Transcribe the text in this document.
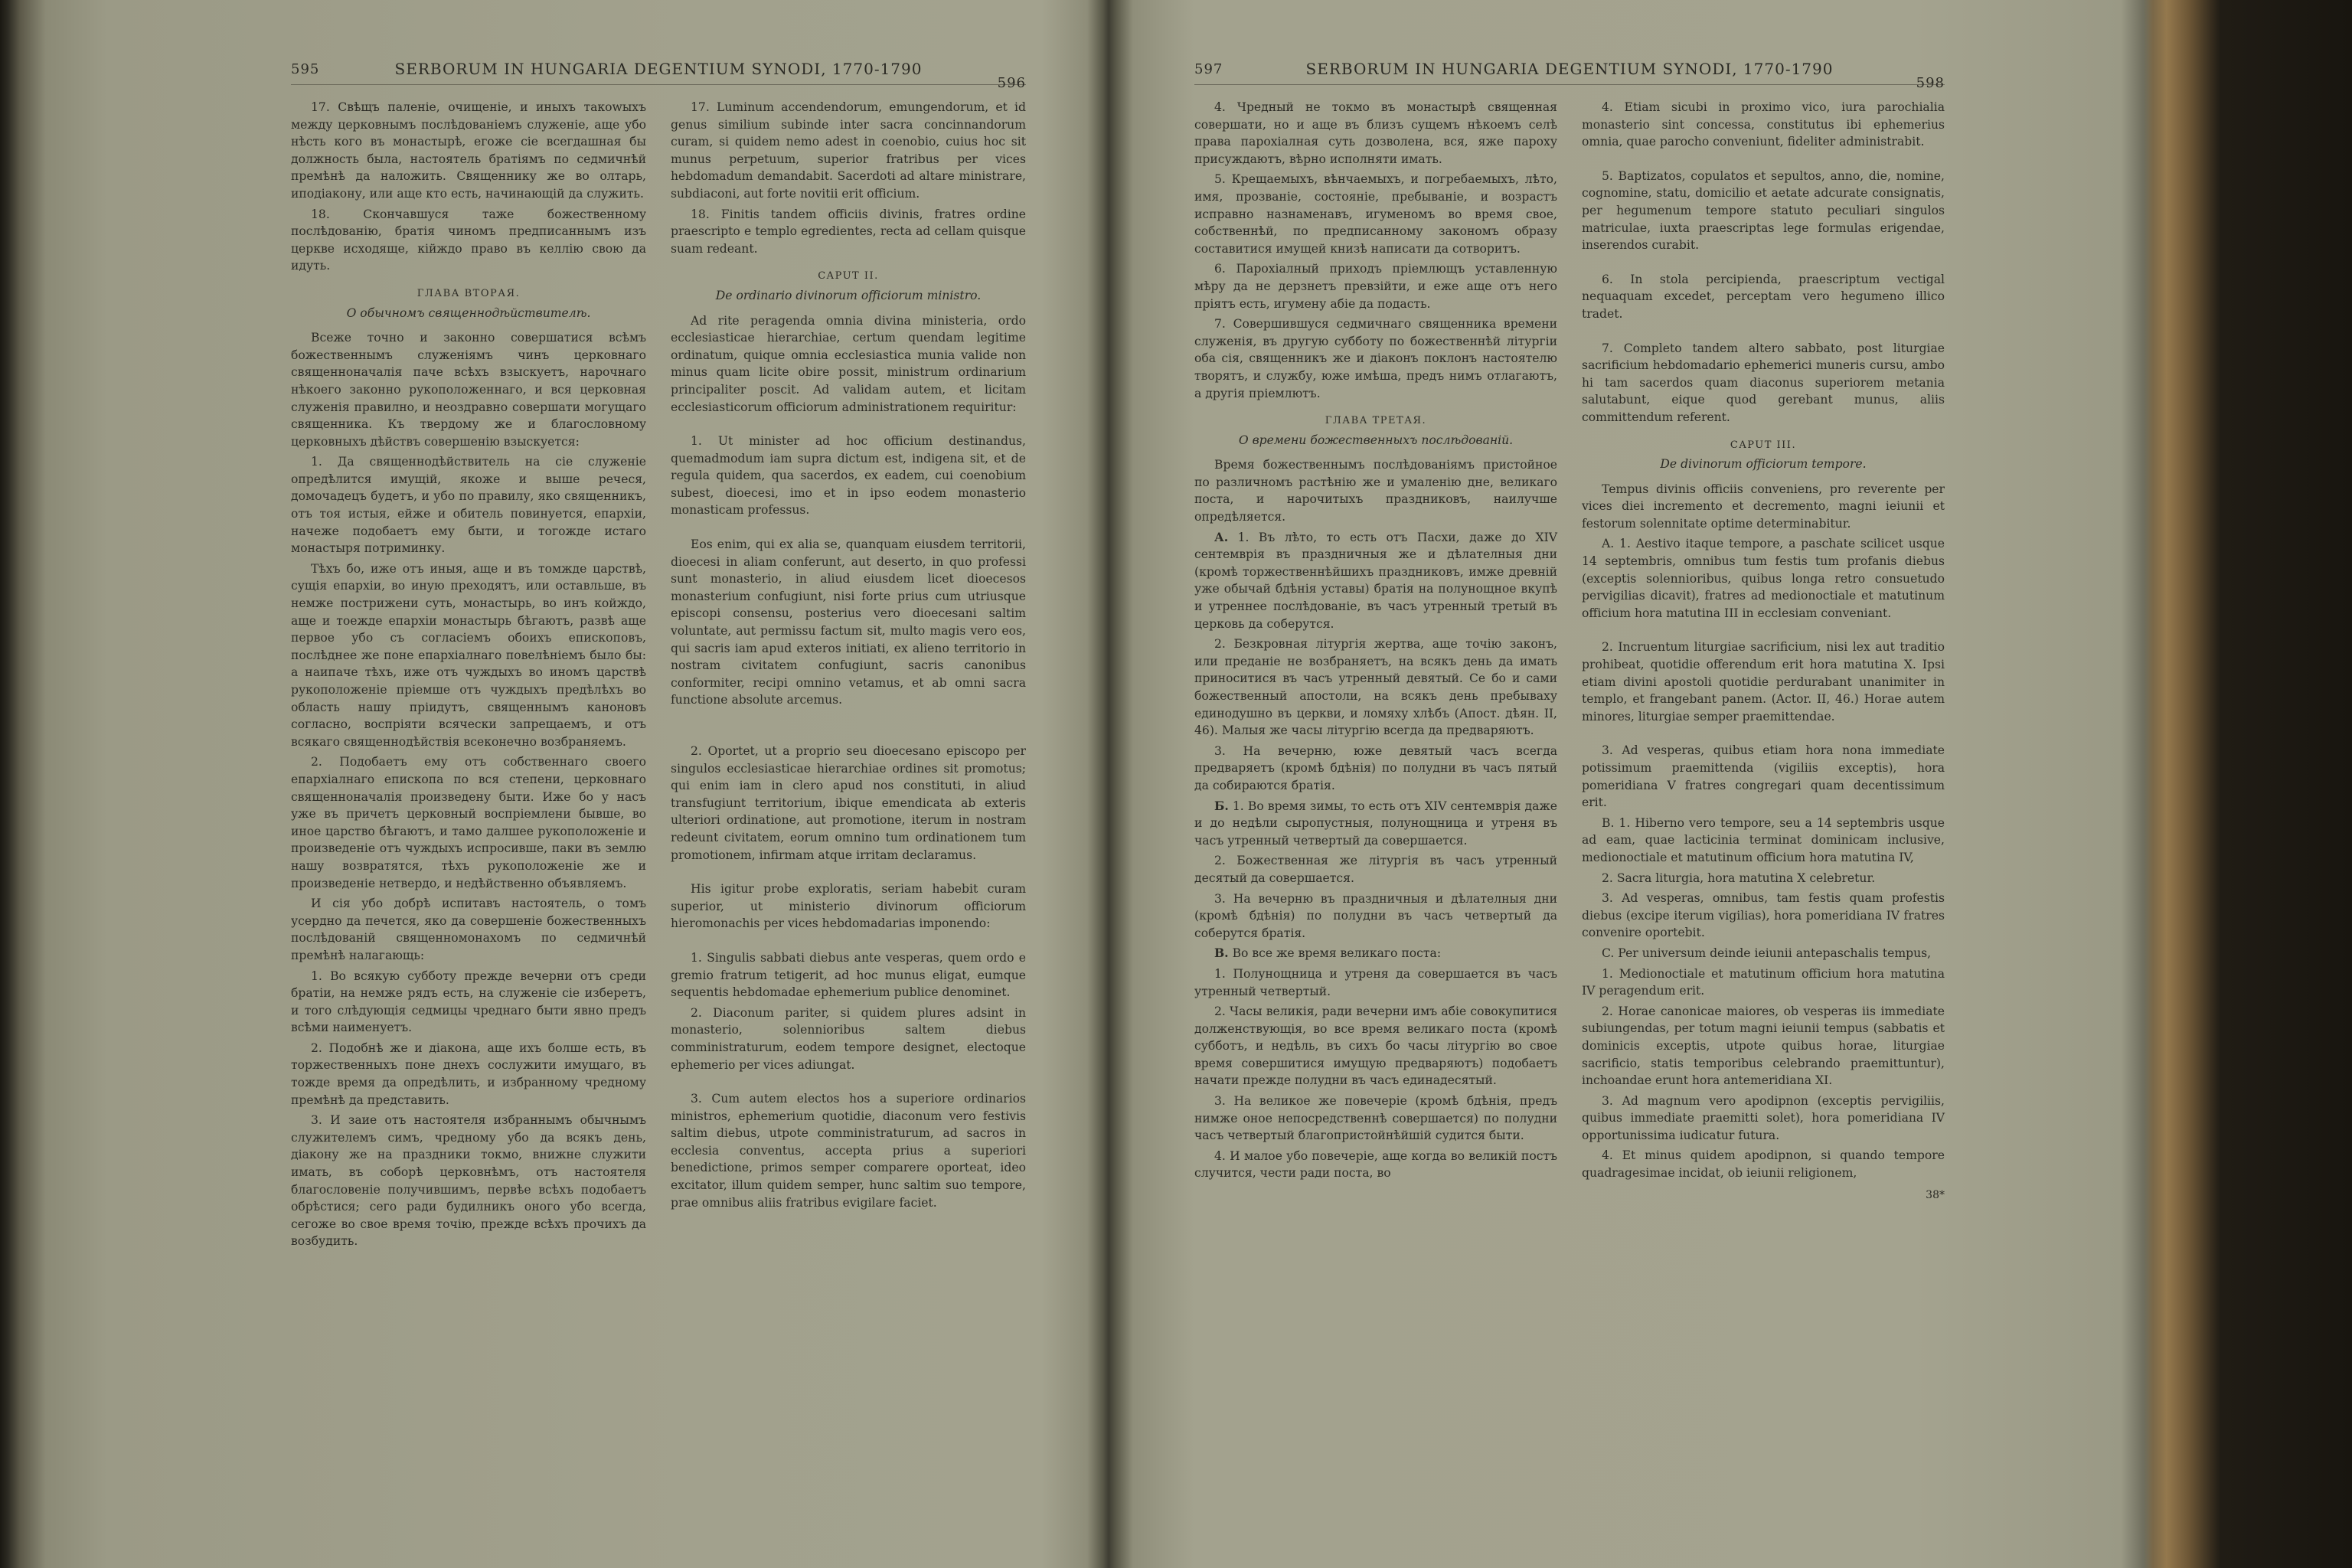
595	SERBORUM IN HUNGARIA DEGENTIUM SYNODI, 1770-1790
596

17. Свѣщъ паленіе, очищеніе, и иныхъ такowыхъ между церковнымъ послѣдованіемъ служеніе, аще убо нѣсть кого въ монастырѣ, егоже сіе всегдашная бы должность была, настоятель братіямъ по седмичнѣй премѣнѣ да наложить. Священнику же во олтарь, иподіакону, или аще кто есть, начинающій да служить.

18. Скончавшуся таже божественному послѣдованію, братія чиномъ предписаннымъ изъ церкве исходяще, кійждо право въ келлію свою да идуть.

ГЛАВА ВТОРАЯ.

О обычномъ священнодѣйствителѣ.

Всеже точно и законно совершатися всѣмъ божественнымъ служеніямъ чинъ церковнаго священноначалія паче всѣхъ взыскуетъ, нарочнаго нѣкоего законно рукоположеннаго, и вся церковная служенія правилно, и неоздравно совершати могущаго священника. Къ твердому же и благословному церковныхъ дѣйствъ совершенію взыскуется:

1. Да священнодѣйствитель на сіе служеніе опредѣлится имущій, якоже и выше речеся, домочадецъ будетъ, и убо по правилу, яко священникъ, отъ тоя истыя, ейже и обитель повинуется, епархіи, начеже подобаетъ ему быти, и тогожде истаго монастыря потриминку.

Тѣхъ бо, иже отъ иныя, аще и въ томжде царствѣ, сущія епархіи, во иную преходятъ, или оставльше, въ немже пострижени суть, монастырь, во инъ койждо, аще и тоежде епархіи монастырь бѣгаютъ, развѣ аще первое убо съ согласіемъ обоихъ епископовъ, послѣднее же поне епархіалнаго повелѣніемъ было бы: а наипаче тѣхъ, иже отъ чуждыхъ во иномъ царствѣ рукоположеніе пріемше отъ чуждыхъ предѣлѣхъ во область нашу пріидутъ, священнымъ каноновъ согласно, воспріяти всячески запрещаемъ, и отъ всякаго священнодѣйствія всеконечно возбраняемъ.

2. Подобаетъ ему отъ собственнаго своего епархіалнаго епископа по вся степени, церковнаго священноначалія произведену быти. Иже бо у насъ уже въ причетъ церковный воспріемлени бывше, во иное царство бѣгаютъ, и тамо далшее рукоположеніе и произведеніе отъ чуждыхъ испросивше, паки въ землю нашу возвратятся, тѣхъ рукоположеніе же и произведеніе нетвердо, и недѣйственно объявляемъ.

И сія убо добрѣ испитавъ настоятель, о томъ усердно да печется, яко да совершеніе божественныхъ послѣдованій священномонахомъ по седмичнѣй премѣнѣ налагающь:

1. Во всякую субботу прежде вечерни отъ среди братіи, на немже рядъ есть, на служеніе сіе изберетъ, и того слѣдующія седмицы чреднаго быти явно предъ всѣми наименуетъ.

2. Подобнѣ же и діакона, аще ихъ болше есть, въ торжественныхъ поне днехъ сослужити имущаго, въ тожде время да опредѣлить, и избранному чредному премѣнѣ да представить.

3. И заие отъ настоятеля избраннымъ обычнымъ служителемъ симъ, чредному убо да всякъ день, діакону же на праздники токмо, внижне служити имать, въ соборѣ церковнѣмъ, отъ настоятеля благословеніе получившимъ, первѣе всѣхъ подобаетъ обрѣстися; сего ради будилникъ оного убо всегда, сегоже во свое время точію, прежде всѣхъ прочихъ да возбудить.

17. Luminum accendendorum, emungendorum, et id genus similium subinde inter sacra concinnandorum curam, si quidem nemo adest in coenobio, cuius hoc sit munus perpetuum, superior fratribus per vices hebdomadum demandabit. Sacerdoti ad altare ministrare, subdiaconi, aut forte novitii erit officium.

18. Finitis tandem officiis divinis, fratres ordine praescripto e templo egredientes, recta ad cellam quisque suam redeant.

CAPUT II.

De ordinario divinorum officiorum ministro.

Ad rite peragenda omnia divina ministeria, ordo ecclesiasticae hierarchiae, certum quendam legitime ordinatum, quique omnia ecclesiastica munia valide non minus quam licite obire possit, ministrum ordinarium principaliter poscit. Ad validam autem, et licitam ecclesiasticorum officiorum administrationem requiritur:

1. Ut minister ad hoc officium destinandus, quemadmodum iam supra dictum est, indigena sit, et de regula quidem, qua sacerdos, ex eadem, cui coenobium subest, dioecesi, imo et in ipso eodem monasterio monasticam professus.

Eos enim, qui ex alia se, quanquam eiusdem territorii, dioecesi in aliam conferunt, aut deserto, in quo professi sunt monasterio, in aliud eiusdem licet dioecesos monasterium confugiunt, nisi forte prius cum utriusque episcopi consensu, posterius vero dioecesani saltim voluntate, aut permissu factum sit, multo magis vero eos, qui sacris iam apud exteros initiati, ex alieno territorio in nostram civitatem confugiunt, sacris canonibus conformiter, recipi omnino vetamus, et ab omni sacra functione absolute arcemus.

2. Oportet, ut a proprio seu dioecesano episcopo per singulos ecclesiasticae hierarchiae ordines sit promotus; qui enim iam in clero apud nos constituti, in aliud transfugiunt territorium, ibique emendicata ab exteris ulteriori ordinatione, aut promotione, iterum in nostram redeunt civitatem, eorum omnino tum ordinationem tum promotionem, infirmam atque irritam declaramus.

His igitur probe exploratis, seriam habebit curam superior, ut ministerio divinorum officiorum hieromonachis per vices hebdomadarias imponendo:

1. Singulis sabbati diebus ante vesperas, quem ordo e gremio fratrum tetigerit, ad hoc munus eligat, eumque sequentis hebdomadae ephemerium publice denominet.

2. Diaconum pariter, si quidem plures adsint in monasterio, solennioribus saltem diebus comministraturum, eodem tempore designet, electoque ephemerio per vices adiungat.

3. Cum autem electos hos a superiore ordinarios ministros, ephemerium quotidie, diaconum vero festivis saltim diebus, utpote comministraturum, ad sacros in ecclesia conventus, accepta prius a superiori benedictione, primos semper comparere oporteat, ideo excitator, illum quidem semper, hunc saltim suo tempore, prae omnibus aliis fratribus evigilare faciet.

597	SERBORUM IN HUNGARIA DEGENTIUM SYNODI, 1770-1790
598

4. Чредный не токмо въ монастырѣ священная совершати, но и аще въ близъ сущемъ нѣкоемъ селѣ права парохіалная суть дозволена, вся, яже пароху присуждаютъ, вѣрно исполняти имать.

5. Крещаемыхъ, вѣнчаемыхъ, и погребаемыхъ, лѣто, имя, прозваніе, состояніе, пребываніе, и возрастъ исправно назнаменавъ, игуменомъ во время свое, собственнѣй, по предписанному закономъ образу составитися имущей книзѣ написати да сотворитъ.

6. Парохіалный приходъ пріемлющъ уставленную мѣру да не дерзнетъ превзійти, и еже аще отъ него пріятъ есть, игумену абіе да подасть.

7. Совершившуся седмичнаго священника времени служенія, въ другую субботу по божественнѣй літургіи оба сія, священникъ же и діаконъ поклонъ настоятелю творятъ, и службу, юже имѣша, предъ нимъ отлагаютъ, а другія пріемлютъ.

ГЛАВА ТРЕТАЯ.

О времени божественныхъ послѣдованій.

Время божественнымъ послѣдованіямъ пристойное по различномъ растѣнію же и умаленію дне, великаго поста, и нарочитыхъ праздниковъ, наилучше опредѣляется.

А. 1. Въ лѣто, то есть отъ Пасхи, даже до XIV сентемврія въ праздничныя же и дѣлателныя дни (кромѣ торжественнѣйшихъ праздниковъ, имже древній уже обычай бдѣнія уставы) братія на полунощное вкупѣ и утреннее послѣдованіе, въ часъ утренный третый въ церковь да соберутся.

2. Безкровная літургія жертва, аще точію законъ, или преданіе не возбраняетъ, на всякъ день да имать приноситися въ часъ утренный девятый. Се бо и сами божественный апостоли, на всякъ день пребываху единодушно въ церкви, и ломяху хлѣбъ (Апост. дѣян. II, 46). Малыя же часы літургію всегда да предваряютъ.

3. На вечерню, юже девятый часъ всегда предваряетъ (кромѣ бдѣнія) по полудни въ часъ пятый да собираются братія.

Б. 1. Во время зимы, то есть отъ XIV сентемврія даже и до недѣли сыропустныя, полунощница и утреня въ часъ утренный четвертый да совершается.

2. Божественная же літургія въ часъ утренный десятый да совершается.

3. На вечерню въ праздничныя и дѣлателныя дни (кромѣ бдѣнія) по полудни въ часъ четвертый да соберутся братія.

В. Во все же время великаго поста:

1. Полунощница и утреня да совершается въ часъ утренный четвертый.

2. Часы великія, ради вечерни имъ абіе совокупитися долженствующія, во все время великаго поста (кромѣ субботъ, и недѣль, въ сихъ бо часы літургію во свое время совершитися имущую предваряютъ) подобаетъ начати прежде полудни въ часъ единадесятый.

3. На великое же повечеріе (кромѣ бдѣнія, предъ нимже оное непосредственнѣ совершается) по полудни часъ четвертый благопристойнѣйшій судится быти.

4. И малое убо повечеріе, аще когда во великій постъ случится, чести ради поста, во

4. Etiam sicubi in proximo vico, iura parochialia monasterio sint concessa, constitutus ibi ephemerius omnia, quae parocho conveniunt, fideliter administrabit.

5. Baptizatos, copulatos et sepultos, anno, die, nomine, cognomine, statu, domicilio et aetate adcurate consignatis, per hegumenum tempore statuto peculiari singulos matriculae, iuxta praescriptas lege formulas erigendae, inserendos curabit.

6. In stola percipienda, praescriptum vectigal nequaquam excedet, perceptam vero hegumeno illico tradet.

7. Completo tandem altero sabbato, post liturgiae sacrificium hebdomadario ephemerici muneris cursu, ambo hi tam sacerdos quam diaconus superiorem metania salutabunt, eique quod gerebant munus, aliis committendum referent.

CAPUT III.

De divinorum officiorum tempore.

Tempus divinis officiis conveniens, pro reverente per vices diei incremento et decremento, magni ieiunii et festorum solennitate optime determinabitur.

A. 1. Aestivo itaque tempore, a paschate scilicet usque 14 septembris, omnibus tum festis tum profanis diebus (exceptis solennioribus, quibus longa retro consuetudo pervigilias dicavit), fratres ad medionoctiale et matutinum officium hora matutina III in ecclesiam conveniant.

2. Incruentum liturgiae sacrificium, nisi lex aut traditio prohibeat, quotidie offerendum erit hora matutina X. Ipsi etiam divini apostoli quotidie perdurabant unanimiter in templo, et frangebant panem. (Actor. II, 46.) Horae autem minores, liturgiae semper praemittendae.

3. Ad vesperas, quibus etiam hora nona immediate potissimum praemittenda (vigiliis exceptis), hora pomeridiana V fratres congregari quam decentissimum erit.

B. 1. Hiberno vero tempore, seu a 14 septembris usque ad eam, quae lacticinia terminat dominicam inclusive, medionoctiale et matutinum officium hora matutina IV,

2. Sacra liturgia, hora matutina X celebretur.

3. Ad vesperas, omnibus, tam festis quam profestis diebus (excipe iterum vigilias), hora pomeridiana IV fratres convenire oportebit.

C. Per universum deinde ieiunii antepaschalis tempus,

1. Medionoctiale et matutinum officium hora matutina IV peragendum erit.

2. Horae canonicae maiores, ob vesperas iis immediate subiungendas, per totum magni ieiunii tempus (sabbatis et dominicis exceptis, utpote quibus horae, liturgiae sacrificio, statis temporibus celebrando praemittuntur), inchoandae erunt hora antemeridiana XI.

3. Ad magnum vero apodipnon (exceptis pervigiliis, quibus immediate praemitti solet), hora pomeridiana IV opportunissima iudicatur futura.

4. Et minus quidem apodipnon, si quando tempore quadragesimae incidat, ob ieiunii religionem,

38*
